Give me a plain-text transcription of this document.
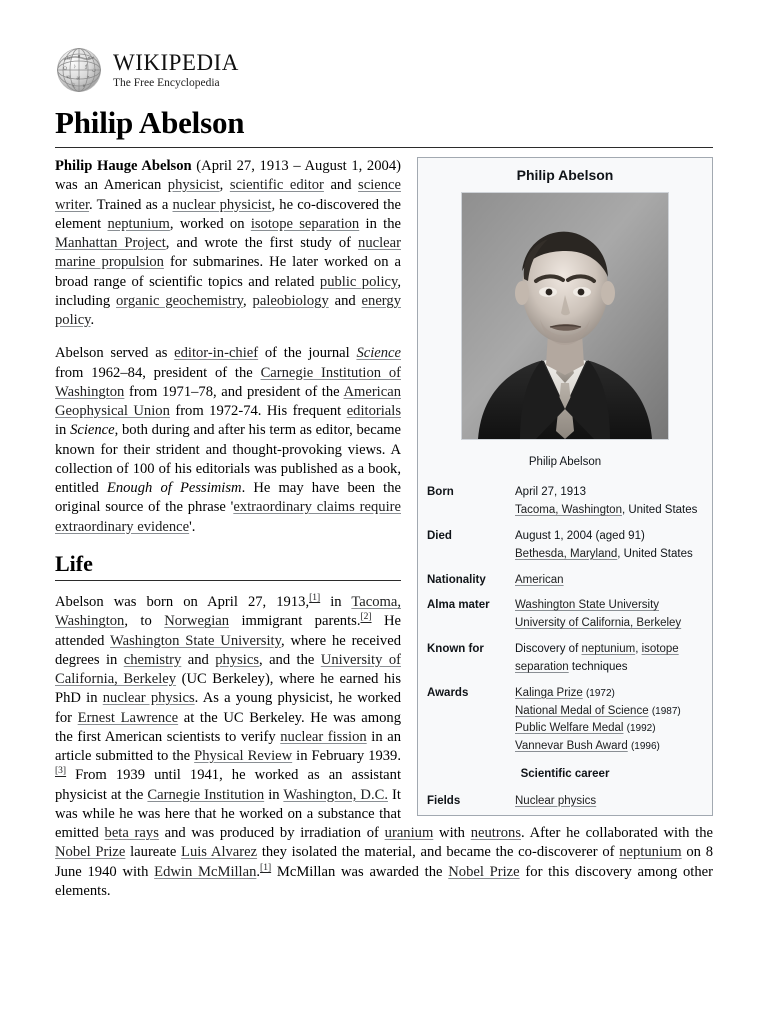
W и ח
Ω ᚦ ქ ن
भ अ ㅈ
文 и
WIKIPEDIA
The Free Encyclopedia
Philip Abelson
Philip Abelson
Philip Abelson
Born	April 27, 1913
Tacoma, Washington, United States

Died	August 1, 2004 (aged 91)
Bethesda, Maryland, United States

Nationality	American
Alma mater	Washington State University
University of California, Berkeley

Known for	Discovery of neptunium, isotope separation techniques
Awards	Kalinga Prize (1972)
National Medal of Science (1987)
Public Welfare Medal (1992)
Vannevar Bush Award (1996)

Scientific career	
Fields	Nuclear physics

Philip Hauge Abelson (April 27, 1913 – August 1, 2004) was an American physicist, scientific editor and science writer. Trained as a nuclear physicist, he co-discovered the element neptunium, worked on isotope separation in the Manhattan Project, and wrote the first study of nuclear marine propulsion for submarines. He later worked on a broad range of scientific topics and related public policy, including organic geochemistry, paleobiology and energy policy.

Abelson served as editor-in-chief of the journal Science from 1962–84, president of the Carnegie Institution of Washington from 1971–78, and president of the American Geophysical Union from 1972-74. His frequent editorials in Science, both during and after his term as editor, became known for their strident and thought-provoking views. A collection of 100 of his editorials was published as a book, entitled Enough of Pessimism. He may have been the original source of the phrase 'extraordinary claims require extraordinary evidence'.

Life

Abelson was born on April 27, 1913,[1] in Tacoma, Washington, to Norwegian immigrant parents.[2] He attended Washington State University, where he received degrees in chemistry and physics, and the University of California, Berkeley (UC Berkeley), where he earned his PhD in nuclear physics. As a young physicist, he worked for Ernest Lawrence at the UC Berkeley. He was among the first American scientists to verify nuclear fission in an article submitted to the Physical Review in February 1939.[3] From 1939 until 1941, he worked as an assistant physicist at the Carnegie Institution in Washington, D.C. It was while he was here that he worked on a substance that emitted beta rays and was produced by irradiation of uranium with neutrons. After he collaborated with the Nobel Prize laureate Luis Alvarez they isolated the material, and became the co-discoverer of neptunium on 8 June 1940 with Edwin McMillan.[1] McMillan was awarded the Nobel Prize for this discovery among other elements.
